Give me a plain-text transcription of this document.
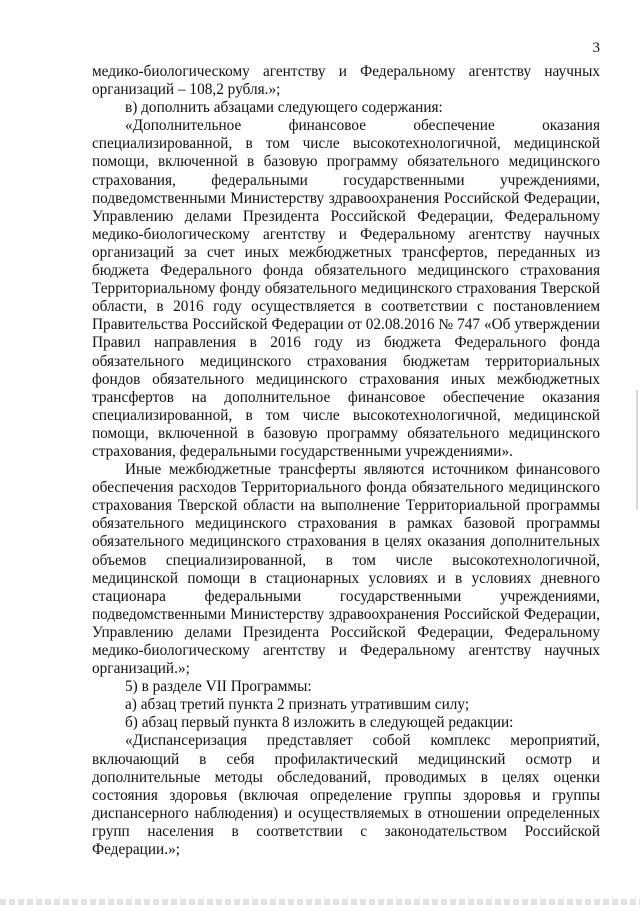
3

медико-биологическому агентству и Федеральному агентству научных организаций – 108,2 рубля.»;

в) дополнить абзацами следующего содержания:

«Дополнительное финансовое обеспечение оказания специализированной, в том числе высокотехнологичной, медицинской помощи, включенной в базовую программу обязательного медицинского страхования, федеральными государственными учреждениями, подведомственными Министерству здравоохранения Российской Федерации, Управлению делами Президента Российской Федерации, Федеральному медико-биологическому агентству и Федеральному агентству научных организаций за счет иных межбюджетных трансфертов, переданных из бюджета Федерального фонда обязательного медицинского страхования Территориальному фонду обязательного медицинского страхования Тверской области, в 2016 году осуществляется в соответствии с постановлением Правительства Российской Федерации от 02.08.2016 № 747 «Об утверждении Правил направления в 2016 году из бюджета Федерального фонда обязательного медицинского страхования бюджетам территориальных фондов обязательного медицинского страхования иных межбюджетных трансфертов на дополнительное финансовое обеспечение оказания специализированной, в том числе высокотехнологичной, медицинской помощи, включенной в базовую программу обязательного медицинского страхования, федеральными государственными учреждениями».

Иные межбюджетные трансферты являются источником финансового обеспечения расходов Территориального фонда обязательного медицинского страхования Тверской области на выполнение Территориальной программы обязательного медицинского страхования в рамках базовой программы обязательного медицинского страхования в целях оказания дополнительных объемов специализированной, в том числе высокотехнологичной, медицинской помощи в стационарных условиях и в условиях дневного стационара федеральными государственными учреждениями, подведомственными Министерству здравоохранения Российской Федерации, Управлению делами Президента Российской Федерации, Федеральному медико-биологическому агентству и Федеральному агентству научных организаций.»;

5) в разделе VII Программы:

а) абзац третий пункта 2 признать утратившим силу;

б) абзац первый пункта 8 изложить в следующей редакции:

«Диспансеризация представляет собой комплекс мероприятий, включающий в себя профилактический медицинский осмотр и дополнительные методы обследований, проводимых в целях оценки состояния здоровья (включая определение группы здоровья и группы диспансерного наблюдения) и осуществляемых в отношении определенных групп населения в соответствии с законодательством Российской Федерации.»;
